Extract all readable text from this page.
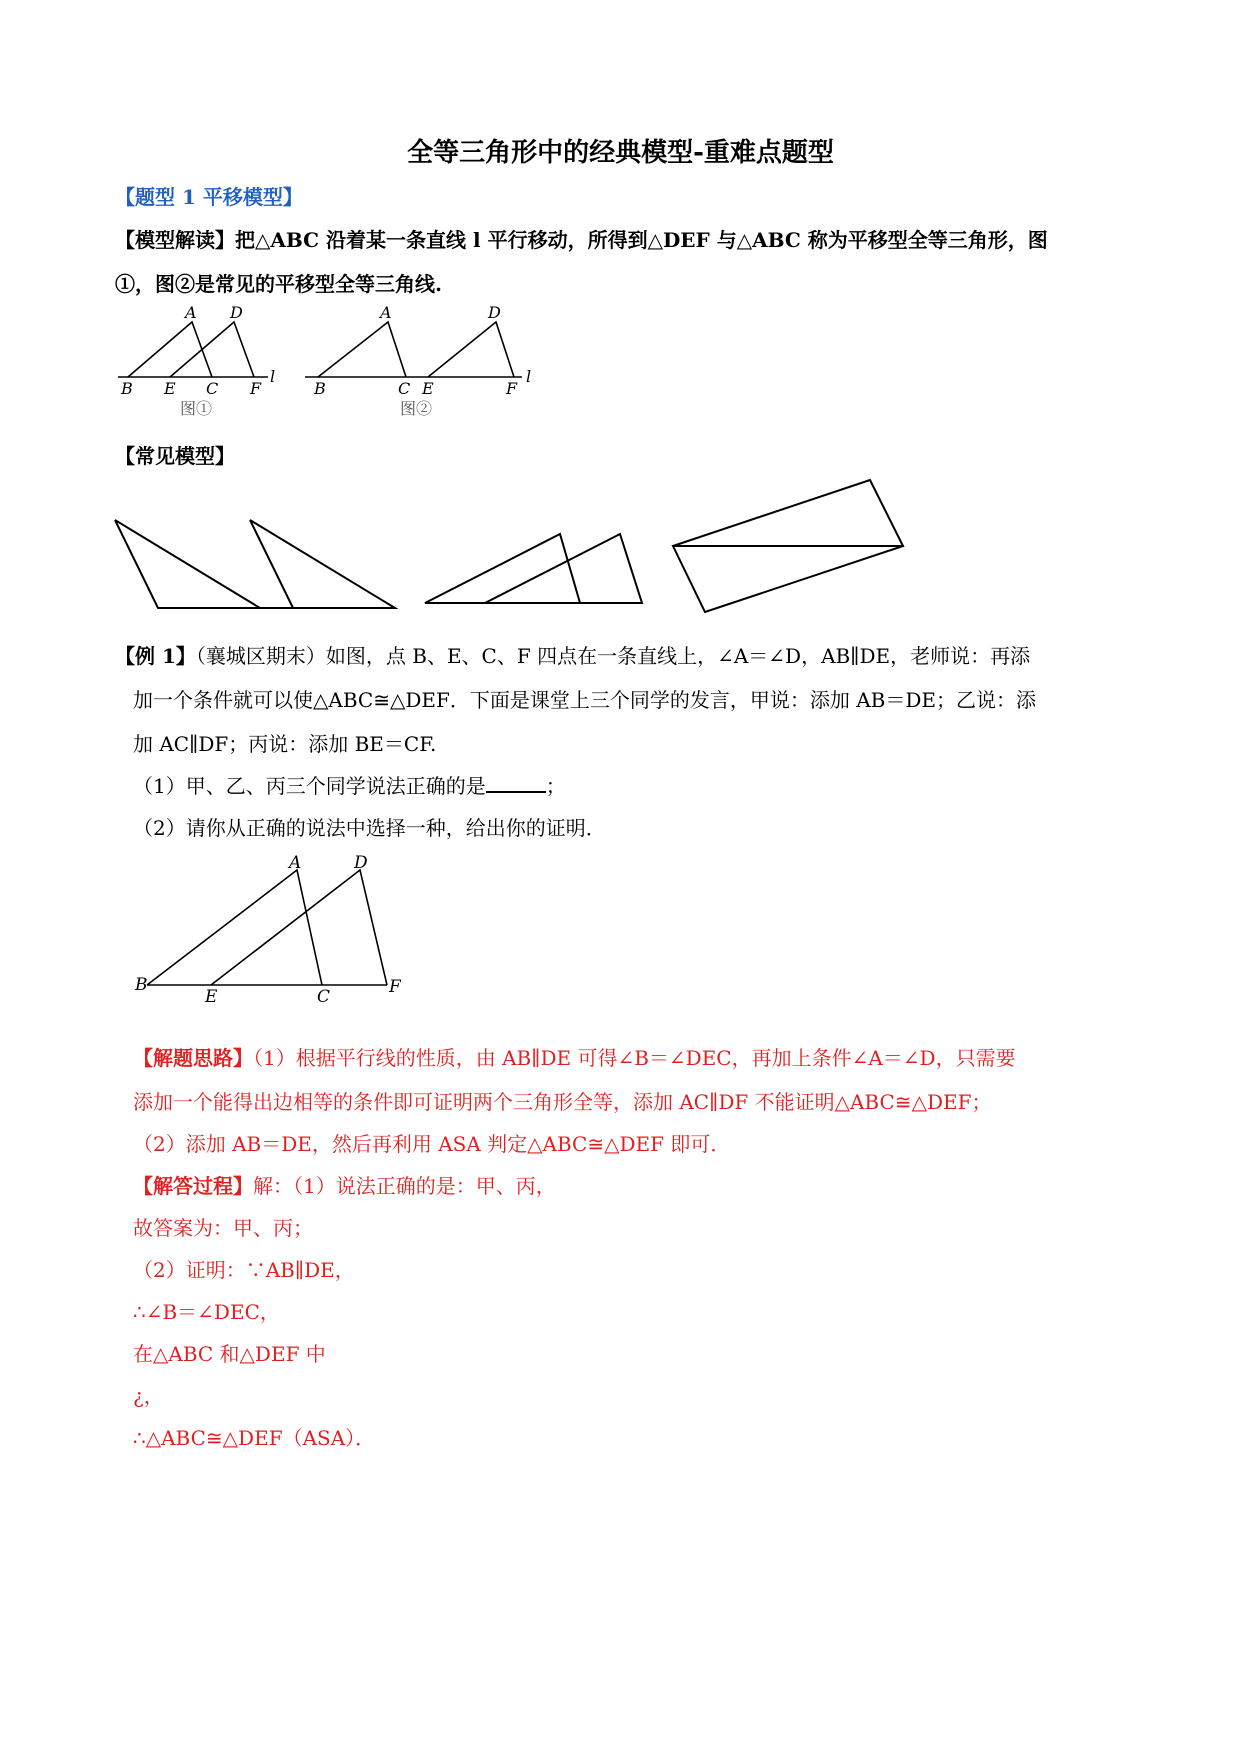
全等三角形中的经典模型-重难点题型
【题型 1 平移模型】
【模型解读】把△ABC 沿着某一条直线 l 平行移动，所得到△DEF 与△ABC 称为平移型全等三角形，图
①，图②是常见的平移型全等三角线.
A D
B E C F
l
图①
A	D
B	C E	F
l
图②
【常见模型】
【例 1】（襄城区期末）如图，点 B、E、C、F 四点在一条直线上，∠A＝∠D，AB∥DE，老师说：再添
加一个条件就可以使△ABC≅△DEF．下面是课堂上三个同学的发言，甲说：添加 AB＝DE；乙说：添
加 AC∥DF；丙说：添加 BE＝CF.
（1）甲、乙、丙三个同学说法正确的是	；
（2）请你从正确的说法中选择一种，给出你的证明．
A	D
B
E	C	F
【解题思路】（1）根据平行线的性质，由 AB∥DE 可得∠B＝∠DEC，再加上条件∠A＝∠D，只需要
添加一个能得出边相等的条件即可证明两个三角形全等，添加 AC∥DF 不能证明△ABC≅△DEF；
（2）添加 AB＝DE，然后再利用 ASA 判定△ABC≅△DEF 即可．
【解答过程】解：（1）说法正确的是：甲、丙，
故答案为：甲、丙；
（2）证明：∵AB∥DE，
∴∠B＝∠DEC，
在△ABC 和△DEF 中
¿，
∴△ABC≅△DEF（ASA）．
